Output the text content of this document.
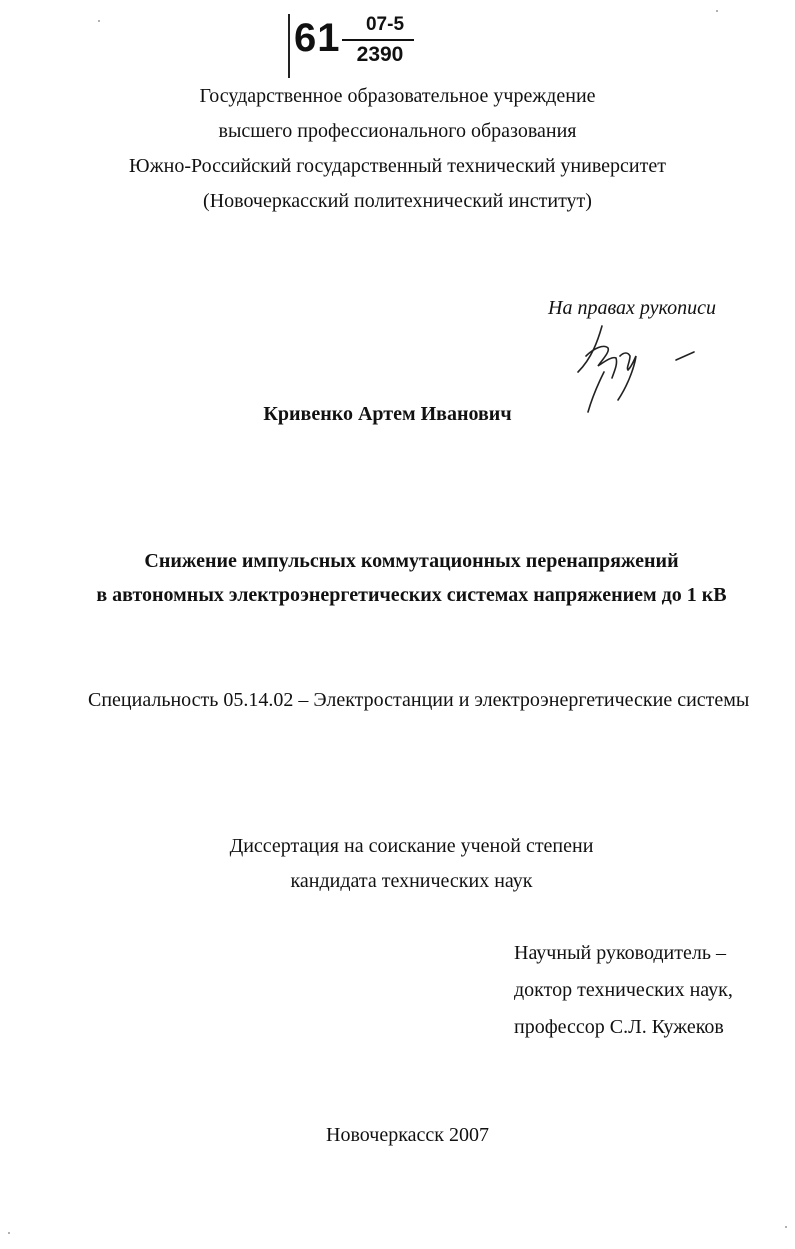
61	07-5
2390
Государственное образовательное учреждение
высшего профессионального образования
Южно-Российский государственный технический университет
(Новочеркасский политехнический институт)
На правах рукописи
Кривенко Артем Иванович
Снижение импульсных коммутационных перенапряжений
в автономных электроэнергетических системах напряжением до 1 кВ
Специальность 05.14.02 – Электростанции и электроэнергетические системы
Диссертация на соискание ученой степени
кандидата технических наук
Научный руководитель –
доктор технических наук,
профессор С.Л. Кужеков
Новочеркасск 2007
